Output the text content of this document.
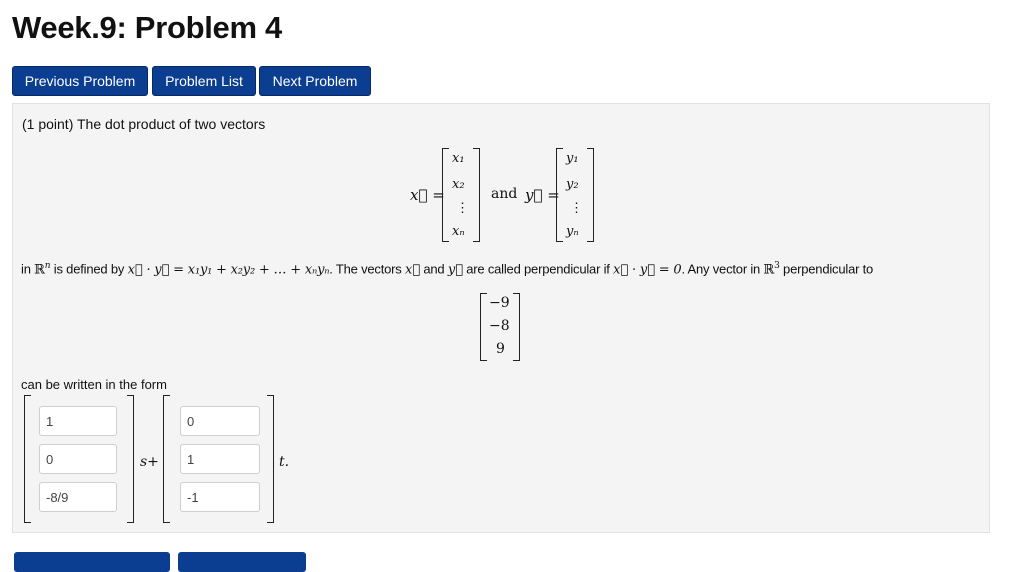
Week.9: Problem 4
Previous Problem	Problem List	Next Problem
(1 point) The dot product of two vectors
x⃗ =
x₁
x₂
⋮
xₙ
and y⃗ =
y₁
y₂
⋮
yₙ
in ℝ$^n$ is defined by x⃗ · y⃗ = x₁y₁ + x₂y₂ + … + xₙyₙ. The vectors x⃗ and y⃗ are called perpendicular if x⃗ · y⃗ = 0. Any vector in ℝ$^3$ perpendicular to
−9
−8
9
can be written in the form
1
0
-8/9
s+
0
1
-1	t.
